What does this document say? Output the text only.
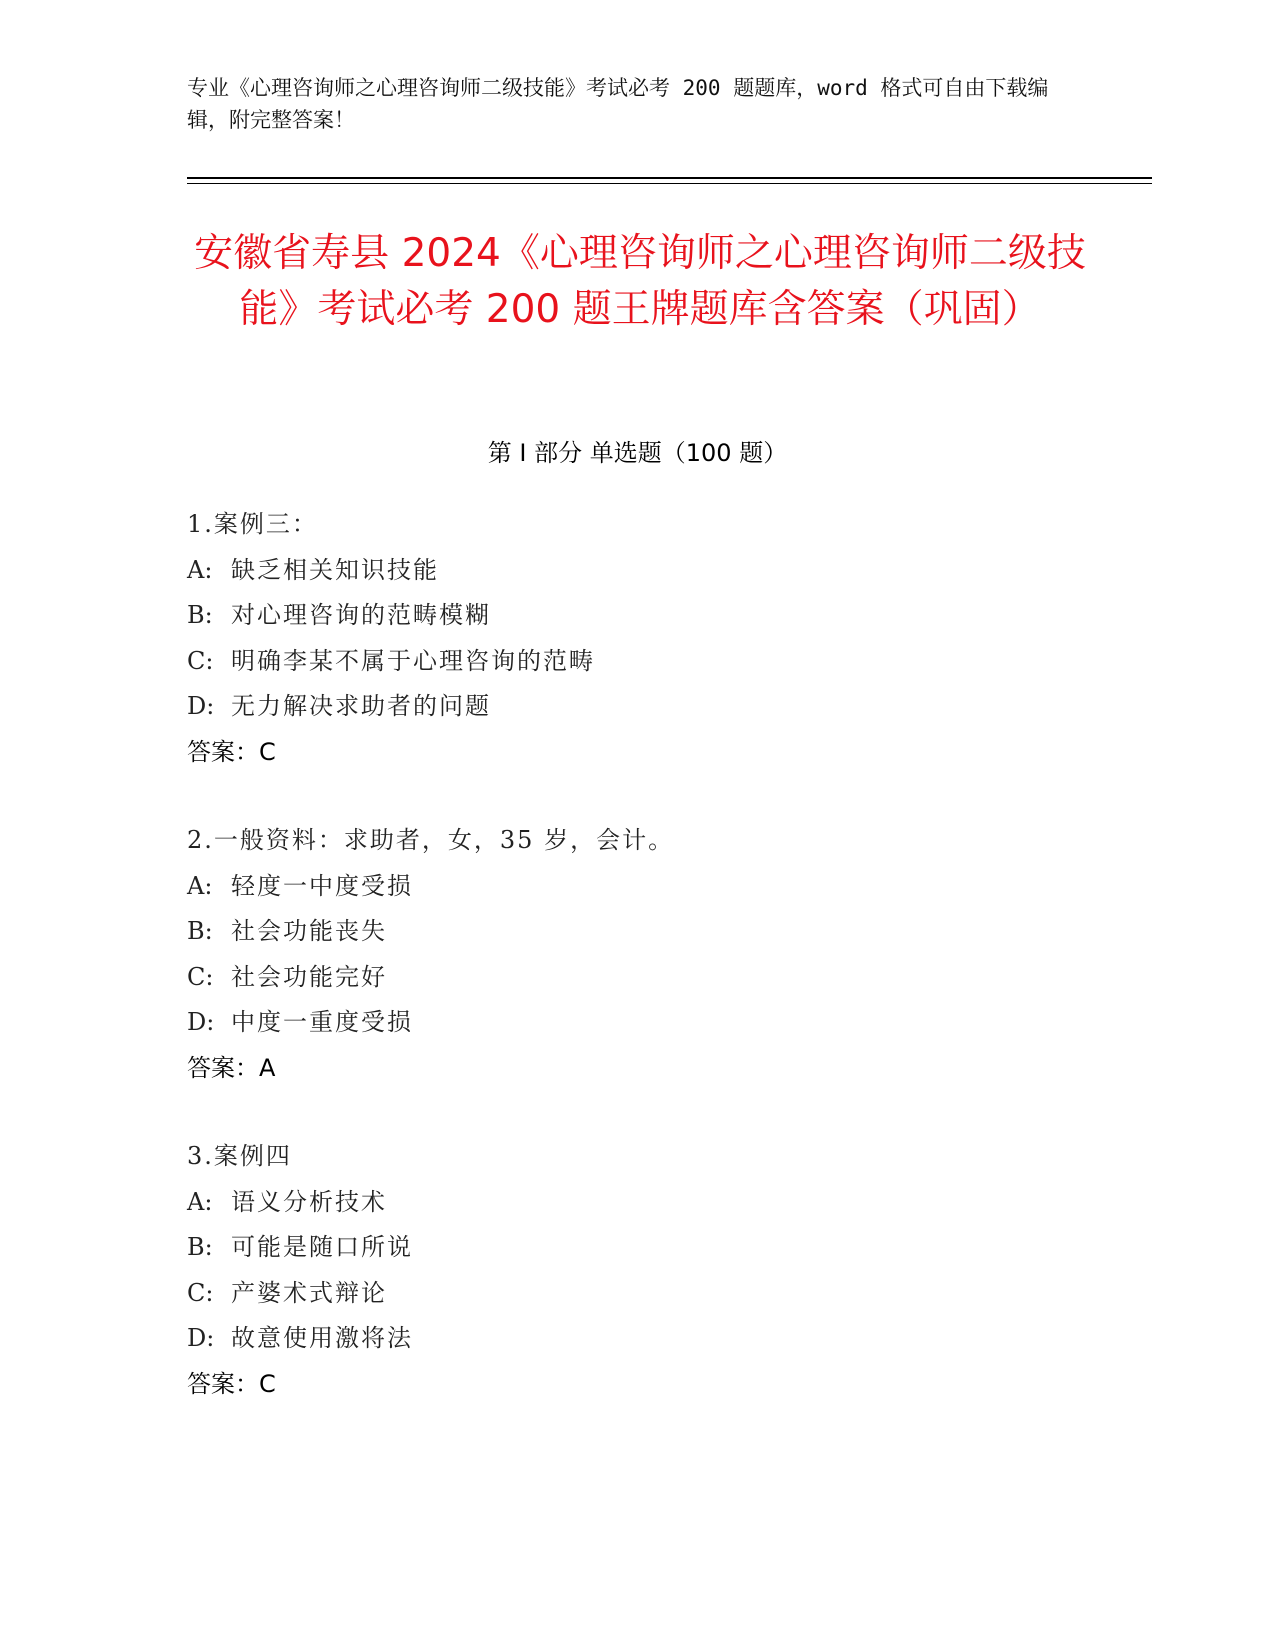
专业《心理咨询师之心理咨询师二级技能》考试必考 200 题题库，word 格式可自由下载编辑，附完整答案！
安徽省寿县 2024《心理咨询师之心理咨询师二级技能》考试必考 200 题王牌题库含答案（巩固）
第 I 部分 单选题（100 题）
1.案例三：
A: 缺乏相关知识技能
B: 对心理咨询的范畴模糊
C: 明确李某不属于心理咨询的范畴
D: 无力解决求助者的问题
答案：C
2.一般资料：求助者，女，35 岁，会计。
A: 轻度一中度受损
B: 社会功能丧失
C: 社会功能完好
D: 中度一重度受损
答案：A
3.案例四
A: 语义分析技术
B: 可能是随口所说
C: 产婆术式辩论
D: 故意使用激将法
答案：C
